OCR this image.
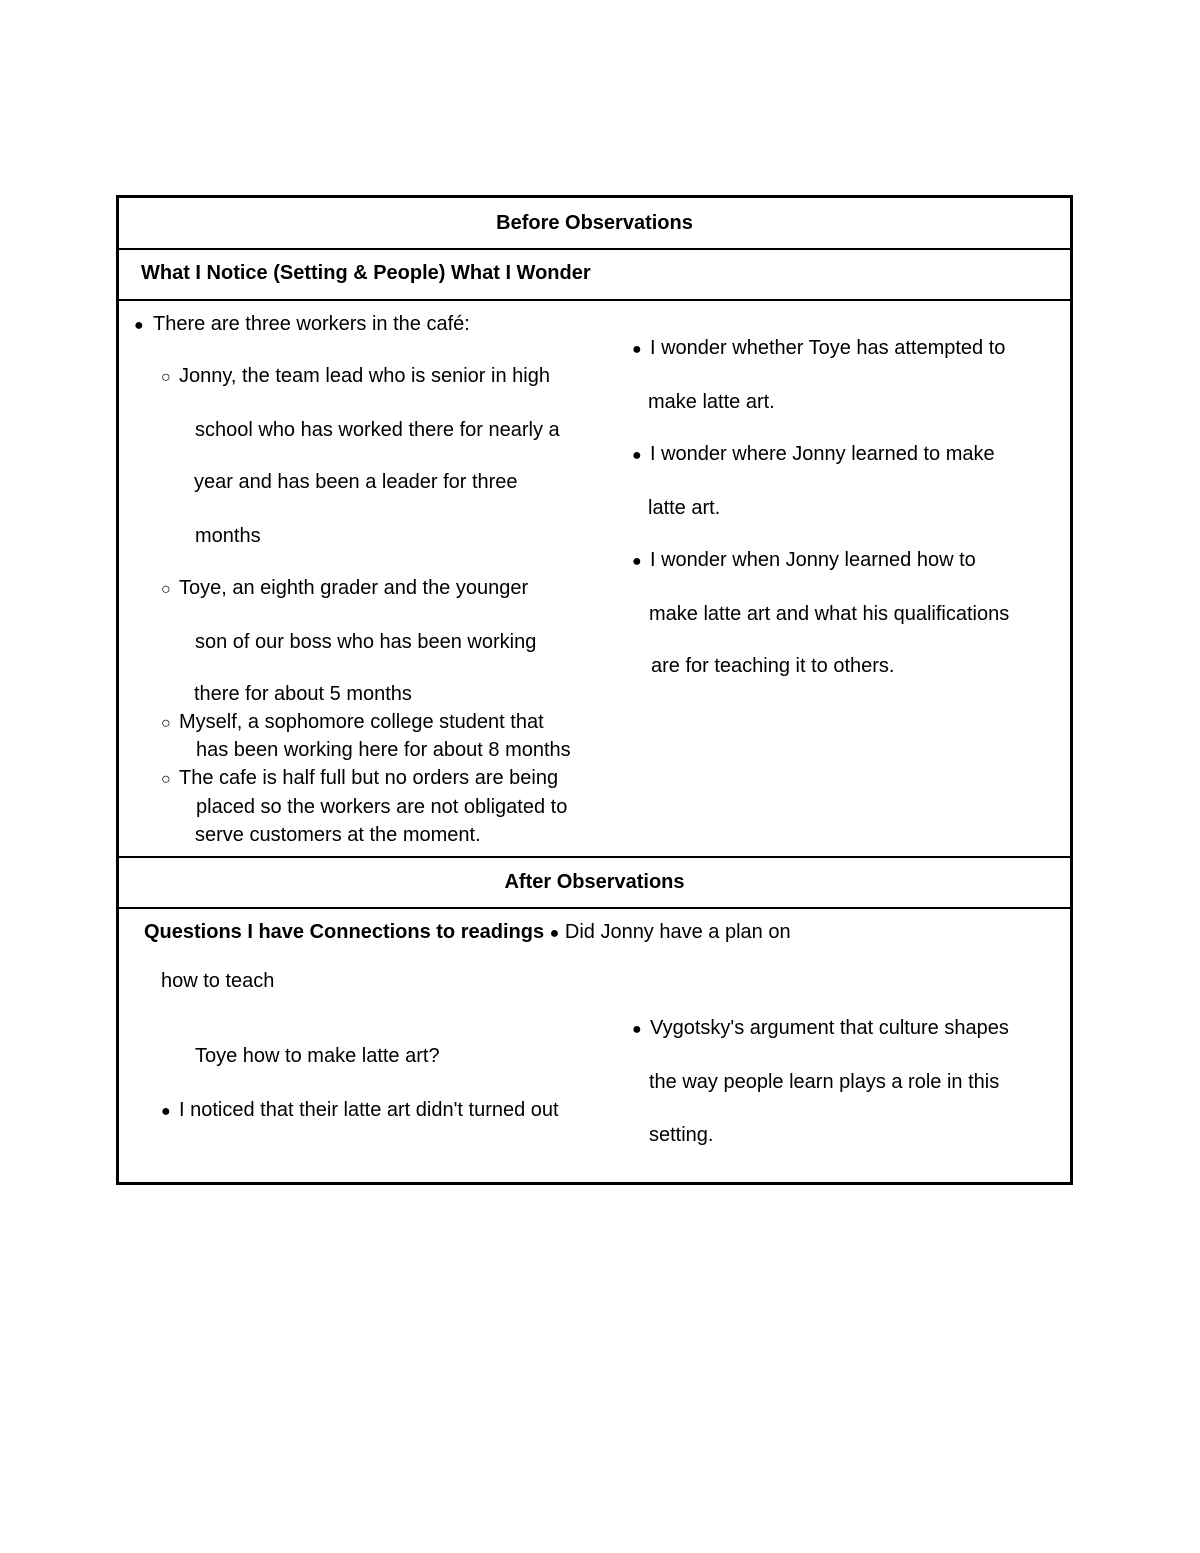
Before Observations
What I Notice (Setting & People) What I Wonder
● There are three workers in the café:
○ Jonny, the team lead who is senior in high
school who has worked there for nearly a
year and has been a leader for three
months
○ Toye, an eighth grader and the younger
son of our boss who has been working
there for about 5 months
○ Myself, a sophomore college student that
has been working here for about 8 months
○ The cafe is half full but no orders are being
placed so the workers are not obligated to
serve customers at the moment.
● I wonder whether Toye has attempted to
make latte art.
● I wonder where Jonny learned to make
latte art.
● I wonder when Jonny learned how to
make latte art and what his qualifications
are for teaching it to others.
After Observations
Questions I have Connections to readings ● Did Jonny have a plan on
how to teach
Toye how to make latte art?
● I noticed that their latte art didn't turned out
● Vygotsky's argument that culture shapes
the way people learn plays a role in this
setting.
